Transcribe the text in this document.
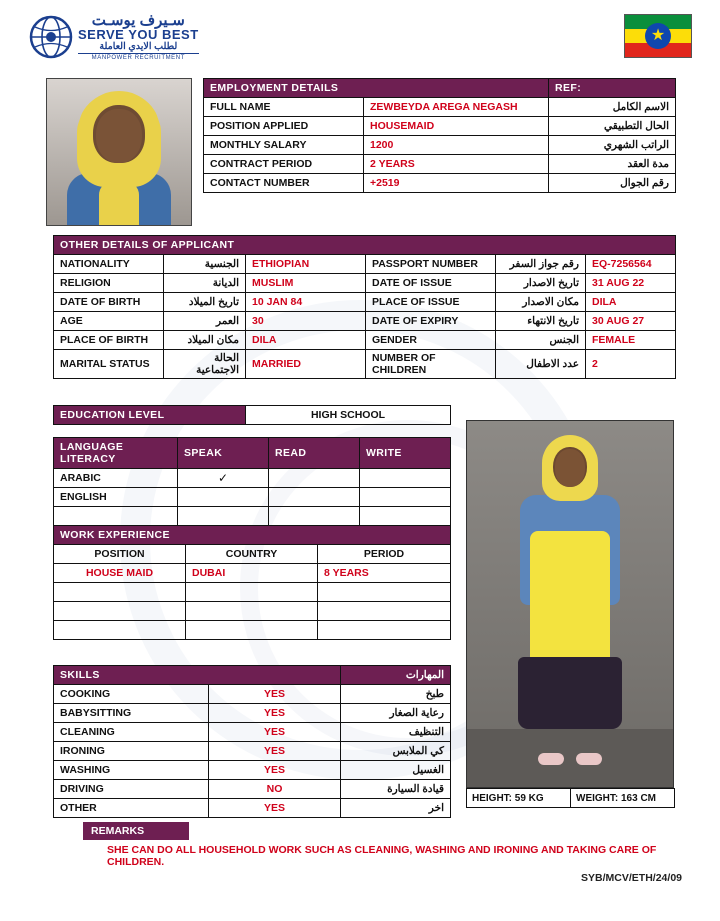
سـيرف يوسـت
SERVE YOU BEST
لطلب الايدي العاملة
MANPOWER RECRUITMENT
★
EMPLOYMENT DETAILS		REF:
FULL NAME	ZEWBEYDA AREGA NEGASH	الاسم الكامل
POSITION APPLIED	HOUSEMAID	الحال التطبيقي
MONTHLY SALARY	1200	الراتب الشهري
CONTRACT PERIOD	2 YEARS	مدة العقد
CONTACT NUMBER	+2519	رقم الجوال
OTHER DETAILS OF APPLICANT					
NATIONALITY	الجنسية	ETHIOPIAN	PASSPORT NUMBER	رقم جواز السفر	EQ-7256564
RELIGION	الديانة	MUSLIM	DATE OF ISSUE	تاريخ الاصدار	31 AUG 22
DATE OF BIRTH	تاريخ الميلاد	10 JAN 84	PLACE OF ISSUE	مكان الاصدار	DILA
AGE	العمر	30	DATE OF EXPIRY	تاريخ الانتهاء	30 AUG 27
PLACE OF BIRTH	مكان الميلاد	DILA	GENDER	الجنس	FEMALE
MARITAL STATUS	الحالة الاجتماعية	MARRIED	NUMBER OF CHILDREN	عدد الاطفال	2
EDUCATION LEVEL	HIGH SCHOOL
LANGUAGE LITERACY	SPEAK	READ	WRITE
ARABIC	✓		
ENGLISH			

WORK EXPERIENCE		
POSITION	COUNTRY	PERIOD
HOUSE MAID	DUBAI	8 YEARS

SKILLS		المهارات
COOKING	YES	طبخ
BABYSITTING	YES	رعاية الصغار
CLEANING	YES	التنظيف
IRONING	YES	كي الملابس
WASHING	YES	الغسيل
DRIVING	NO	قيادة السيارة
OTHER	YES	اخر
HEIGHT: 59 KG	WEIGHT: 163 CM
REMARKS
SHE CAN DO ALL HOUSEHOLD WORK SUCH AS CLEANING, WASHING AND IRONING AND TAKING CARE OF CHILDREN.
SYB/MCV/ETH/24/09
